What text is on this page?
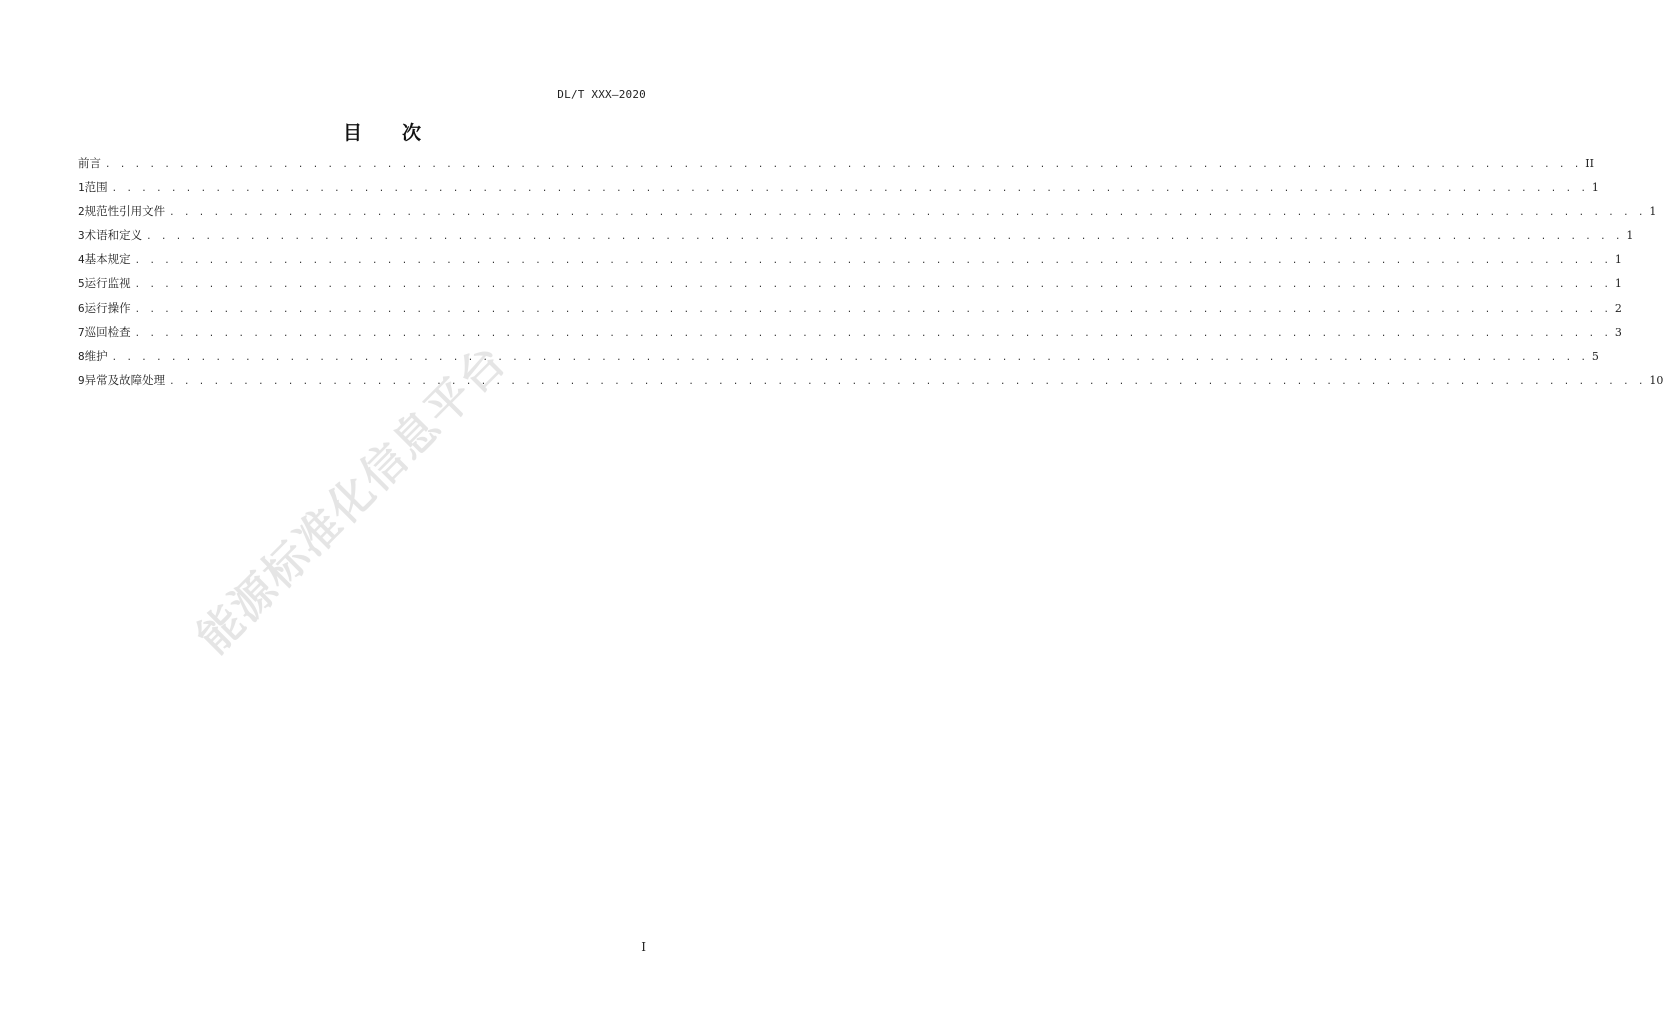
DL/T XXX—2020
目次
前言 . . . . . . . . . . . . . . . . . . . . . . . . . . . . . . . . . . . . . . . . . . . . . . . . . . . . . . . . . . . . . . . . . . . . . . . . . . . . . . . . . . . . . . . . . . . . . . . . . . . . II
1 范围 . . . . . . . . . . . . . . . . . . . . . . . . . . . . . . . . . . . . . . . . . . . . . . . . . . . . . . . . . . . . . . . . . . . . . . . . . . . . . . . . . . . . . . . . . . . . . . . . . . . . 1
2 规范性引用文件 . . . . . . . . . . . . . . . . . . . . . . . . . . . . . . . . . . . . . . . . . . . . . . . . . . . . . . . . . . . . . . . . . . . . . . . . . . . . . . . . . . . . . . . . . . . . . . . . . . . . 1
3 术语和定义 . . . . . . . . . . . . . . . . . . . . . . . . . . . . . . . . . . . . . . . . . . . . . . . . . . . . . . . . . . . . . . . . . . . . . . . . . . . . . . . . . . . . . . . . . . . . . . . . . . . . 1
4 基本规定 . . . . . . . . . . . . . . . . . . . . . . . . . . . . . . . . . . . . . . . . . . . . . . . . . . . . . . . . . . . . . . . . . . . . . . . . . . . . . . . . . . . . . . . . . . . . . . . . . . . . 1
5 运行监视 . . . . . . . . . . . . . . . . . . . . . . . . . . . . . . . . . . . . . . . . . . . . . . . . . . . . . . . . . . . . . . . . . . . . . . . . . . . . . . . . . . . . . . . . . . . . . . . . . . . . 1
6 运行操作 . . . . . . . . . . . . . . . . . . . . . . . . . . . . . . . . . . . . . . . . . . . . . . . . . . . . . . . . . . . . . . . . . . . . . . . . . . . . . . . . . . . . . . . . . . . . . . . . . . . . 2
7 巡回检查 . . . . . . . . . . . . . . . . . . . . . . . . . . . . . . . . . . . . . . . . . . . . . . . . . . . . . . . . . . . . . . . . . . . . . . . . . . . . . . . . . . . . . . . . . . . . . . . . . . . . 3
8 维护 . . . . . . . . . . . . . . . . . . . . . . . . . . . . . . . . . . . . . . . . . . . . . . . . . . . . . . . . . . . . . . . . . . . . . . . . . . . . . . . . . . . . . . . . . . . . . . . . . . . . 5
9 异常及故障处理 . . . . . . . . . . . . . . . . . . . . . . . . . . . . . . . . . . . . . . . . . . . . . . . . . . . . . . . . . . . . . . . . . . . . . . . . . . . . . . . . . . . . . . . . . . . . . . . . . . . . 10
能源标准化信息平台
I
